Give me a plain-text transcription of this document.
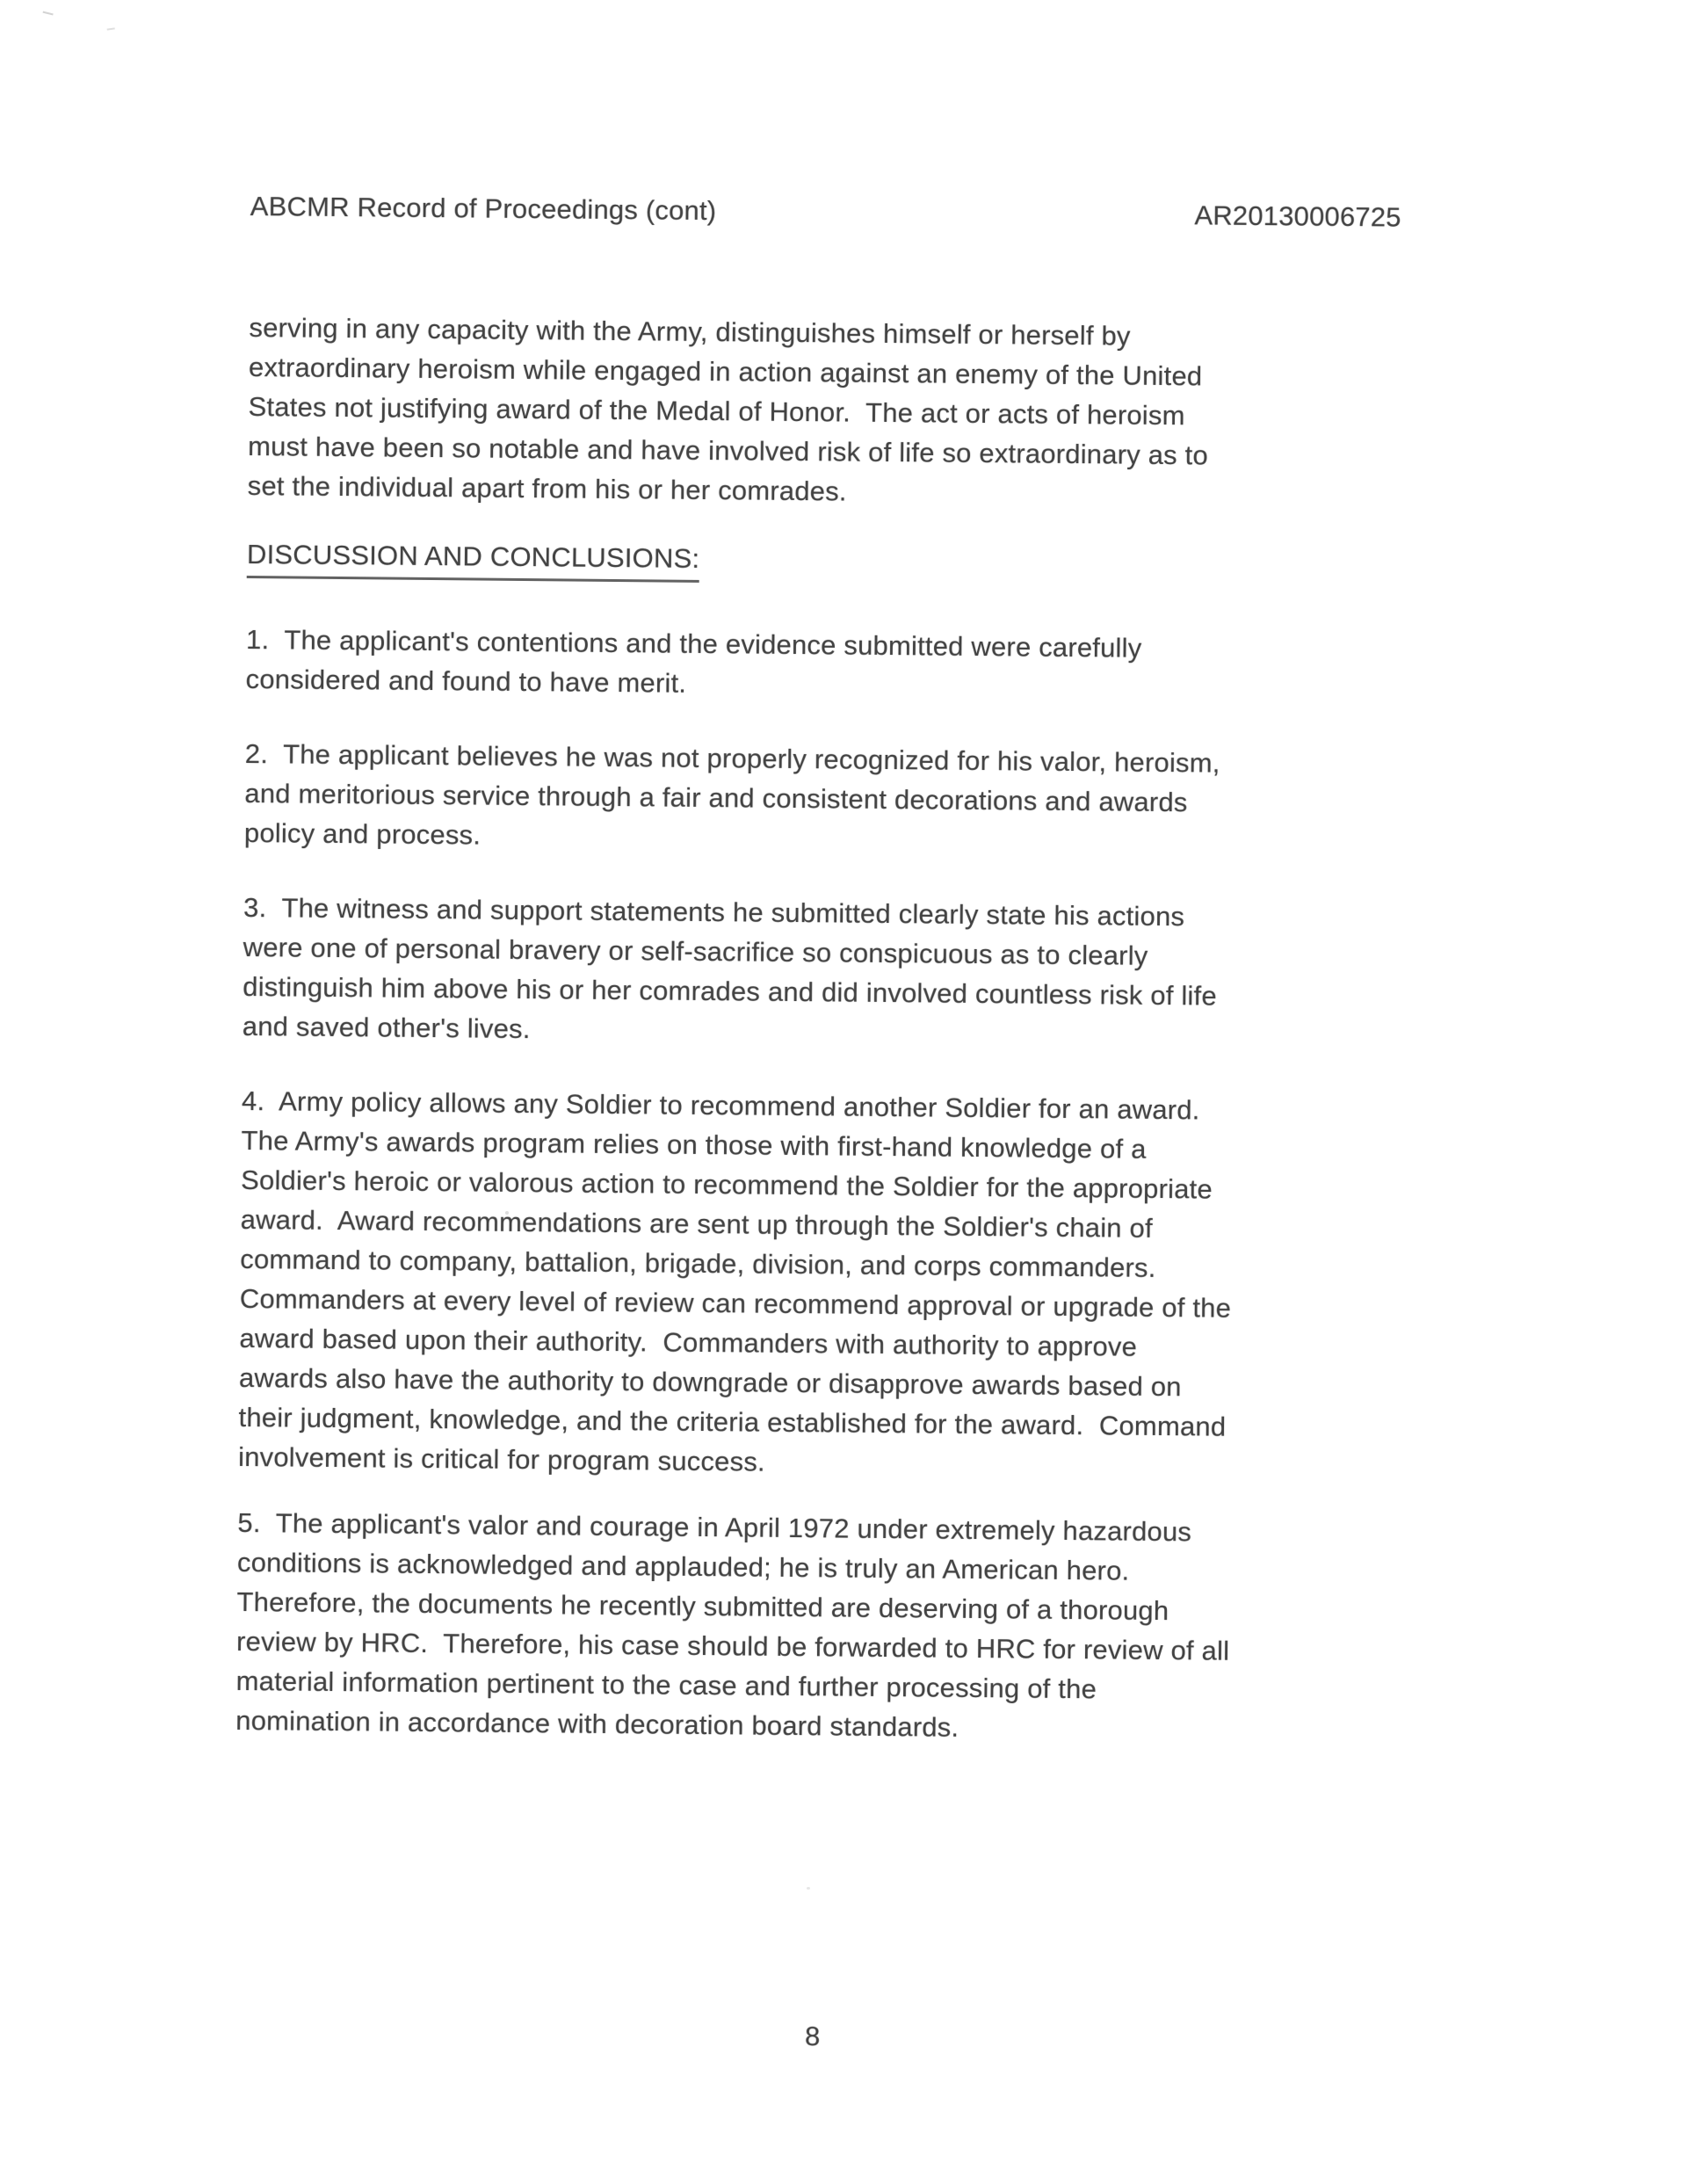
ABCMR Record of Proceedings (cont)	AR20130006725

serving in any capacity with the Army, distinguishes himself or herself by
extraordinary heroism while engaged in action against an enemy of the United
States not justifying award of the Medal of Honor.  The act or acts of heroism
must have been so notable and have involved risk of life so extraordinary as to
set the individual apart from his or her comrades.

DISCUSSION AND CONCLUSIONS:

1.  The applicant's contentions and the evidence submitted were carefully
considered and found to have merit.

2.  The applicant believes he was not properly recognized for his valor, heroism,
and meritorious service through a fair and consistent decorations and awards
policy and process.

3.  The witness and support statements he submitted clearly state his actions
were one of personal bravery or self-sacrifice so conspicuous as to clearly
distinguish him above his or her comrades and did involved countless risk of life
and saved other's lives.

4.  Army policy allows any Soldier to recommend another Soldier for an award.
The Army's awards program relies on those with first-hand knowledge of a
Soldier's heroic or valorous action to recommend the Soldier for the appropriate
award.  Award recommendations are sent up through the Soldier's chain of
command to company, battalion, brigade, division, and corps commanders.
Commanders at every level of review can recommend approval or upgrade of the
award based upon their authority.  Commanders with authority to approve
awards also have the authority to downgrade or disapprove awards based on
their judgment, knowledge, and the criteria established for the award.  Command
involvement is critical for program success.

5.  The applicant's valor and courage in April 1972 under extremely hazardous
conditions is acknowledged and applauded; he is truly an American hero.
Therefore, the documents he recently submitted are deserving of a thorough
review by HRC.  Therefore, his case should be forwarded to HRC for review of all
material information pertinent to the case and further processing of the
nomination in accordance with decoration board standards.

8
